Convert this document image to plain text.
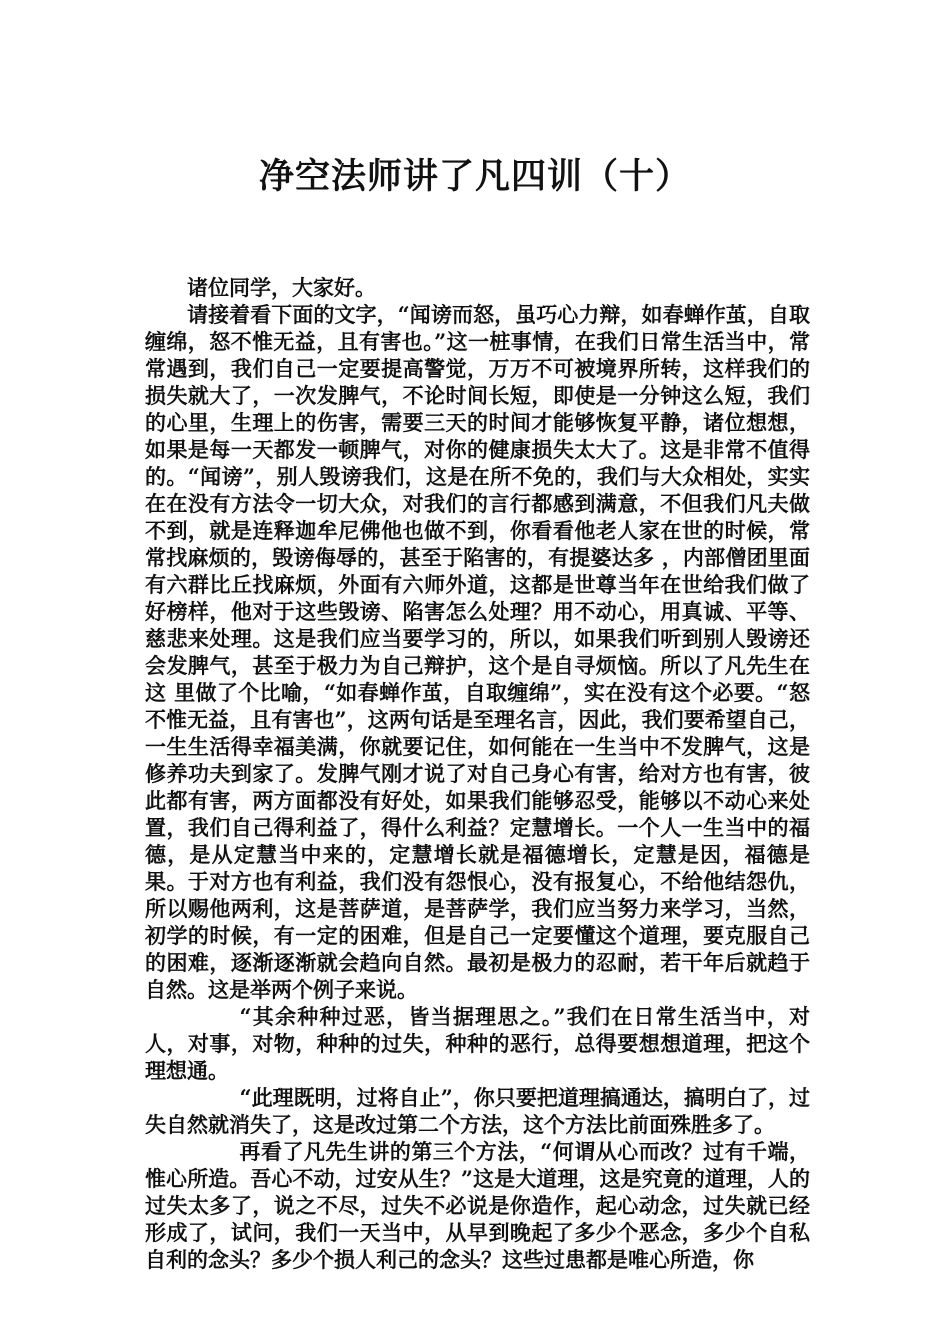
净空法师讲了凡四训（十）

诸位同学，大家好。

请接着看下面的文字，“闻谤而怒，虽巧心力辩，如春蝉作茧，自取缠绵，怒不惟无益，且有害也。”这一桩事情，在我们日常生活当中，常常遇到，我们自己一定要提高警觉，万万不可被境界所转，这样我们的损失就大了，一次发脾气，不论时间长短，即使是一分钟这么短，我们的心里，生理上的伤害，需要三天的时间才能够恢复平静，诸位想想，如果是每一天都发一顿脾气，对你的健康损失太大了。这是非常不值得的。“闻谤”，别人毁谤我们，这是在所不免的，我们与大众相处，实实在在没有方法令一切大众，对我们的言行都感到满意，不但我们凡夫做不到，就是连释迦牟尼佛他也做不到，你看看他老人家在世的时候，常常找麻烦的，毁谤侮辱的，甚至于陷害的，有提婆达多 ，内部僧团里面有六群比丘找麻烦，外面有六师外道，这都是世尊当年在世给我们做了好榜样，他对于这些毁谤、陷害怎么处理？用不动心，用真诚、平等、慈悲来处理。这是我们应当要学习的，所以，如果我们听到别人毁谤还会发脾气，甚至于极力为自己辩护，这个是自寻烦恼。所以了凡先生在这 里做了个比喻，“如春蝉作茧，自取缠绵”，实在没有这个必要。“怒不惟无益，且有害也”，这两句话是至理名言，因此，我们要希望自己，一生生活得幸福美满，你就要记住，如何能在一生当中不发脾气，这是修养功夫到家了。发脾气刚才说了对自己身心有害，给对方也有害，彼此都有害，两方面都没有好处，如果我们能够忍受，能够以不动心来处置，我们自己得利益了，得什么利益？定慧增长。一个人一生当中的福德，是从定慧当中来的，定慧增长就是福德增长，定慧是因，福德是果。于对方也有利益，我们没有怨恨心，没有报复心，不给他结怨仇，所以赐他两利，这是菩萨道，是菩萨学，我们应当努力来学习，当然，初学的时候，有一定的困难，但是自己一定要懂这个道理，要克服自己的困难，逐渐逐渐就会趋向自然。最初是极力的忍耐，若干年后就趋于自然。这是举两个例子来说。

“其余种种过恶，皆当据理思之。”我们在日常生活当中，对人，对事，对物，种种的过失，种种的恶行，总得要想想道理，把这个理想通。

“此理既明，过将自止”，你只要把道理搞通达，搞明白了，过失自然就消失了，这是改过第二个方法，这个方法比前面殊胜多了。

再看了凡先生讲的第三个方法，“何谓从心而改？过有千端，惟心所造。吾心不动，过安从生？”这是大道理，这是究竟的道理，人的过失太多了，说之不尽，过失不必说是你造作，起心动念，过失就已经形成了，试问，我们一天当中，从早到晚起了多少个恶念，多少个自私自利的念头？多少个损人利己的念头？这些过患都是唯心所造，你
